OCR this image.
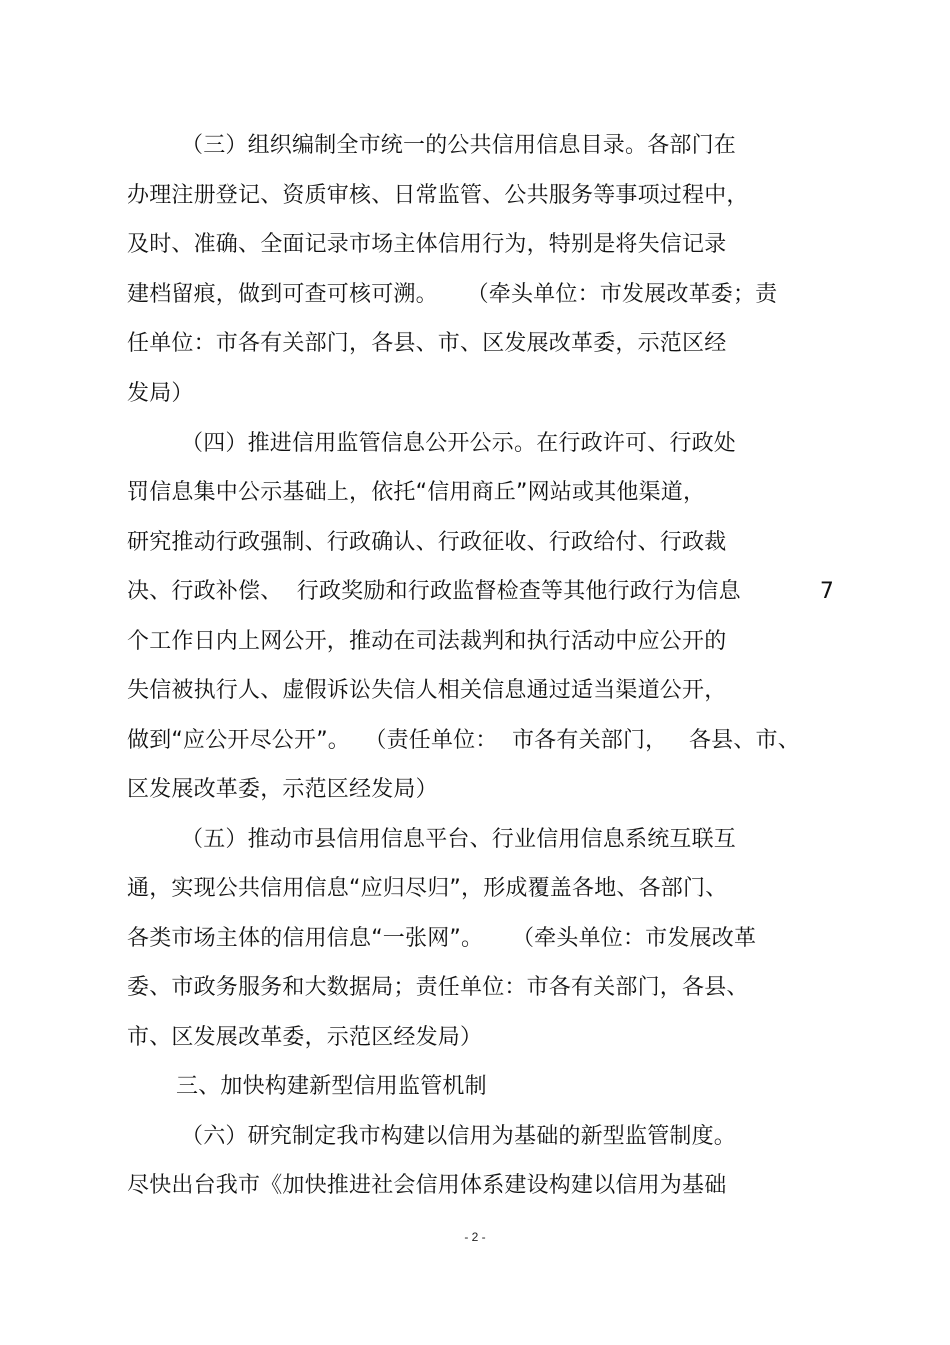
（三）组织编制全市统一的公共信用信息目录。各部门在
办理注册登记、资质审核、日常监管、公共服务等事项过程中，
及时、准确、全面记录市场主体信用行为，特别是将失信记录
建档留痕，做到可查可核可溯。    （牵头单位：市发展改革委；责
任单位：市各有关部门，各县、市、区发展改革委，示范区经
发局）
（四）推进信用监管信息公开公示。在行政许可、行政处
罚信息集中公示基础上，依托“信用商丘”网站或其他渠道，
研究推动行政强制、行政确认、行政征收、行政给付、行政裁
决、行政补偿、  行政奖励和行政监督检查等其他行政行为信息           7
个工作日内上网公开，推动在司法裁判和执行活动中应公开的
失信被执行人、虚假诉讼失信人相关信息通过适当渠道公开，
做到“应公开尽公开”。  （责任单位：  市各有关部门，   各县、市、
区发展改革委，示范区经发局）
（五）推动市县信用信息平台、行业信用信息系统互联互
通，实现公共信用信息“应归尽归”，形成覆盖各地、各部门、
各类市场主体的信用信息“一张网”。    （牵头单位：市发展改革
委、市政务服务和大数据局；责任单位：市各有关部门，各县、
市、区发展改革委，示范区经发局）
三、加快构建新型信用监管机制
（六）研究制定我市构建以信用为基础的新型监管制度。
尽快出台我市《加快推进社会信用体系建设构建以信用为基础
- 2 -
